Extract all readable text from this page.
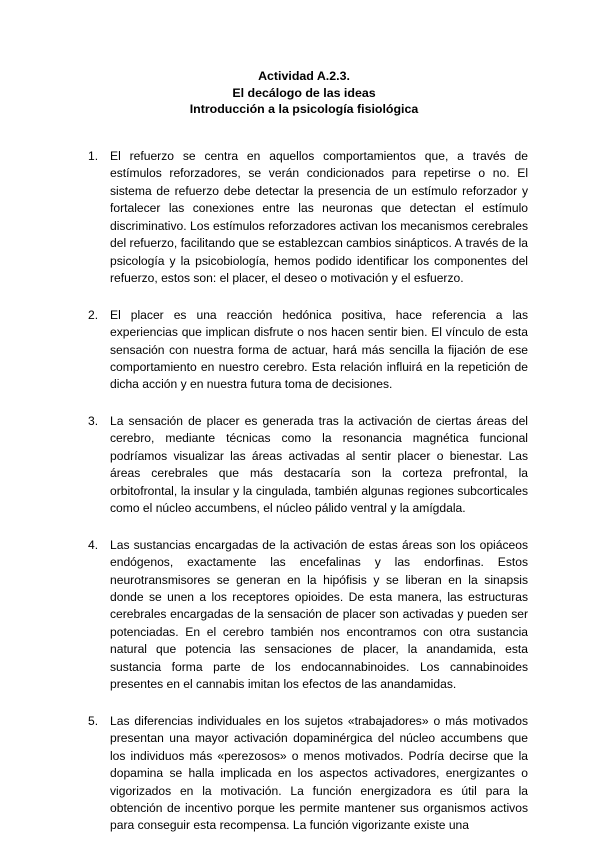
Actividad A.2.3.
El decálogo de las ideas
Introducción a la psicología fisiológica
1. El refuerzo se centra en aquellos comportamientos que, a través de estímulos reforzadores, se verán condicionados para repetirse o no. El sistema de refuerzo debe detectar la presencia de un estímulo reforzador y fortalecer las conexiones entre las neuronas que detectan el estímulo discriminativo. Los estímulos reforzadores activan los mecanismos cerebrales del refuerzo, facilitando que se establezcan cambios sinápticos. A través de la psicología y la psicobiología, hemos podido identificar los componentes del refuerzo, estos son: el placer, el deseo o motivación y el esfuerzo.
2. El placer es una reacción hedónica positiva, hace referencia a las experiencias que implican disfrute o nos hacen sentir bien. El vínculo de esta sensación con nuestra forma de actuar, hará más sencilla la fijación de ese comportamiento en nuestro cerebro. Esta relación influirá en la repetición de dicha acción y en nuestra futura toma de decisiones.
3. La sensación de placer es generada tras la activación de ciertas áreas del cerebro, mediante técnicas como la resonancia magnética funcional podríamos visualizar las áreas activadas al sentir placer o bienestar. Las áreas cerebrales que más destacaría son la corteza prefrontal, la orbitofrontal, la insular y la cingulada, también algunas regiones subcorticales como el núcleo accumbens, el núcleo pálido ventral y la amígdala.
4. Las sustancias encargadas de la activación de estas áreas son los opiáceos endógenos, exactamente las encefalinas y las endorfinas. Estos neurotransmisores se generan en la hipófisis y se liberan en la sinapsis donde se unen a los receptores opioides. De esta manera, las estructuras cerebrales encargadas de la sensación de placer son activadas y pueden ser potenciadas. En el cerebro también nos encontramos con otra sustancia natural que potencia las sensaciones de placer, la anandamida, esta sustancia forma parte de los endocannabinoides. Los cannabinoides presentes en el cannabis imitan los efectos de las anandamidas.
5. Las diferencias individuales en los sujetos «trabajadores» o más motivados presentan una mayor activación dopaminérgica del núcleo accumbens que los individuos más «perezosos» o menos motivados. Podría decirse que la dopamina se halla implicada en los aspectos activadores, energizantes o vigorizados en la motivación. La función energizadora es útil para la obtención de incentivo porque les permite mantener sus organismos activos para conseguir esta recompensa. La función vigorizante existe una
